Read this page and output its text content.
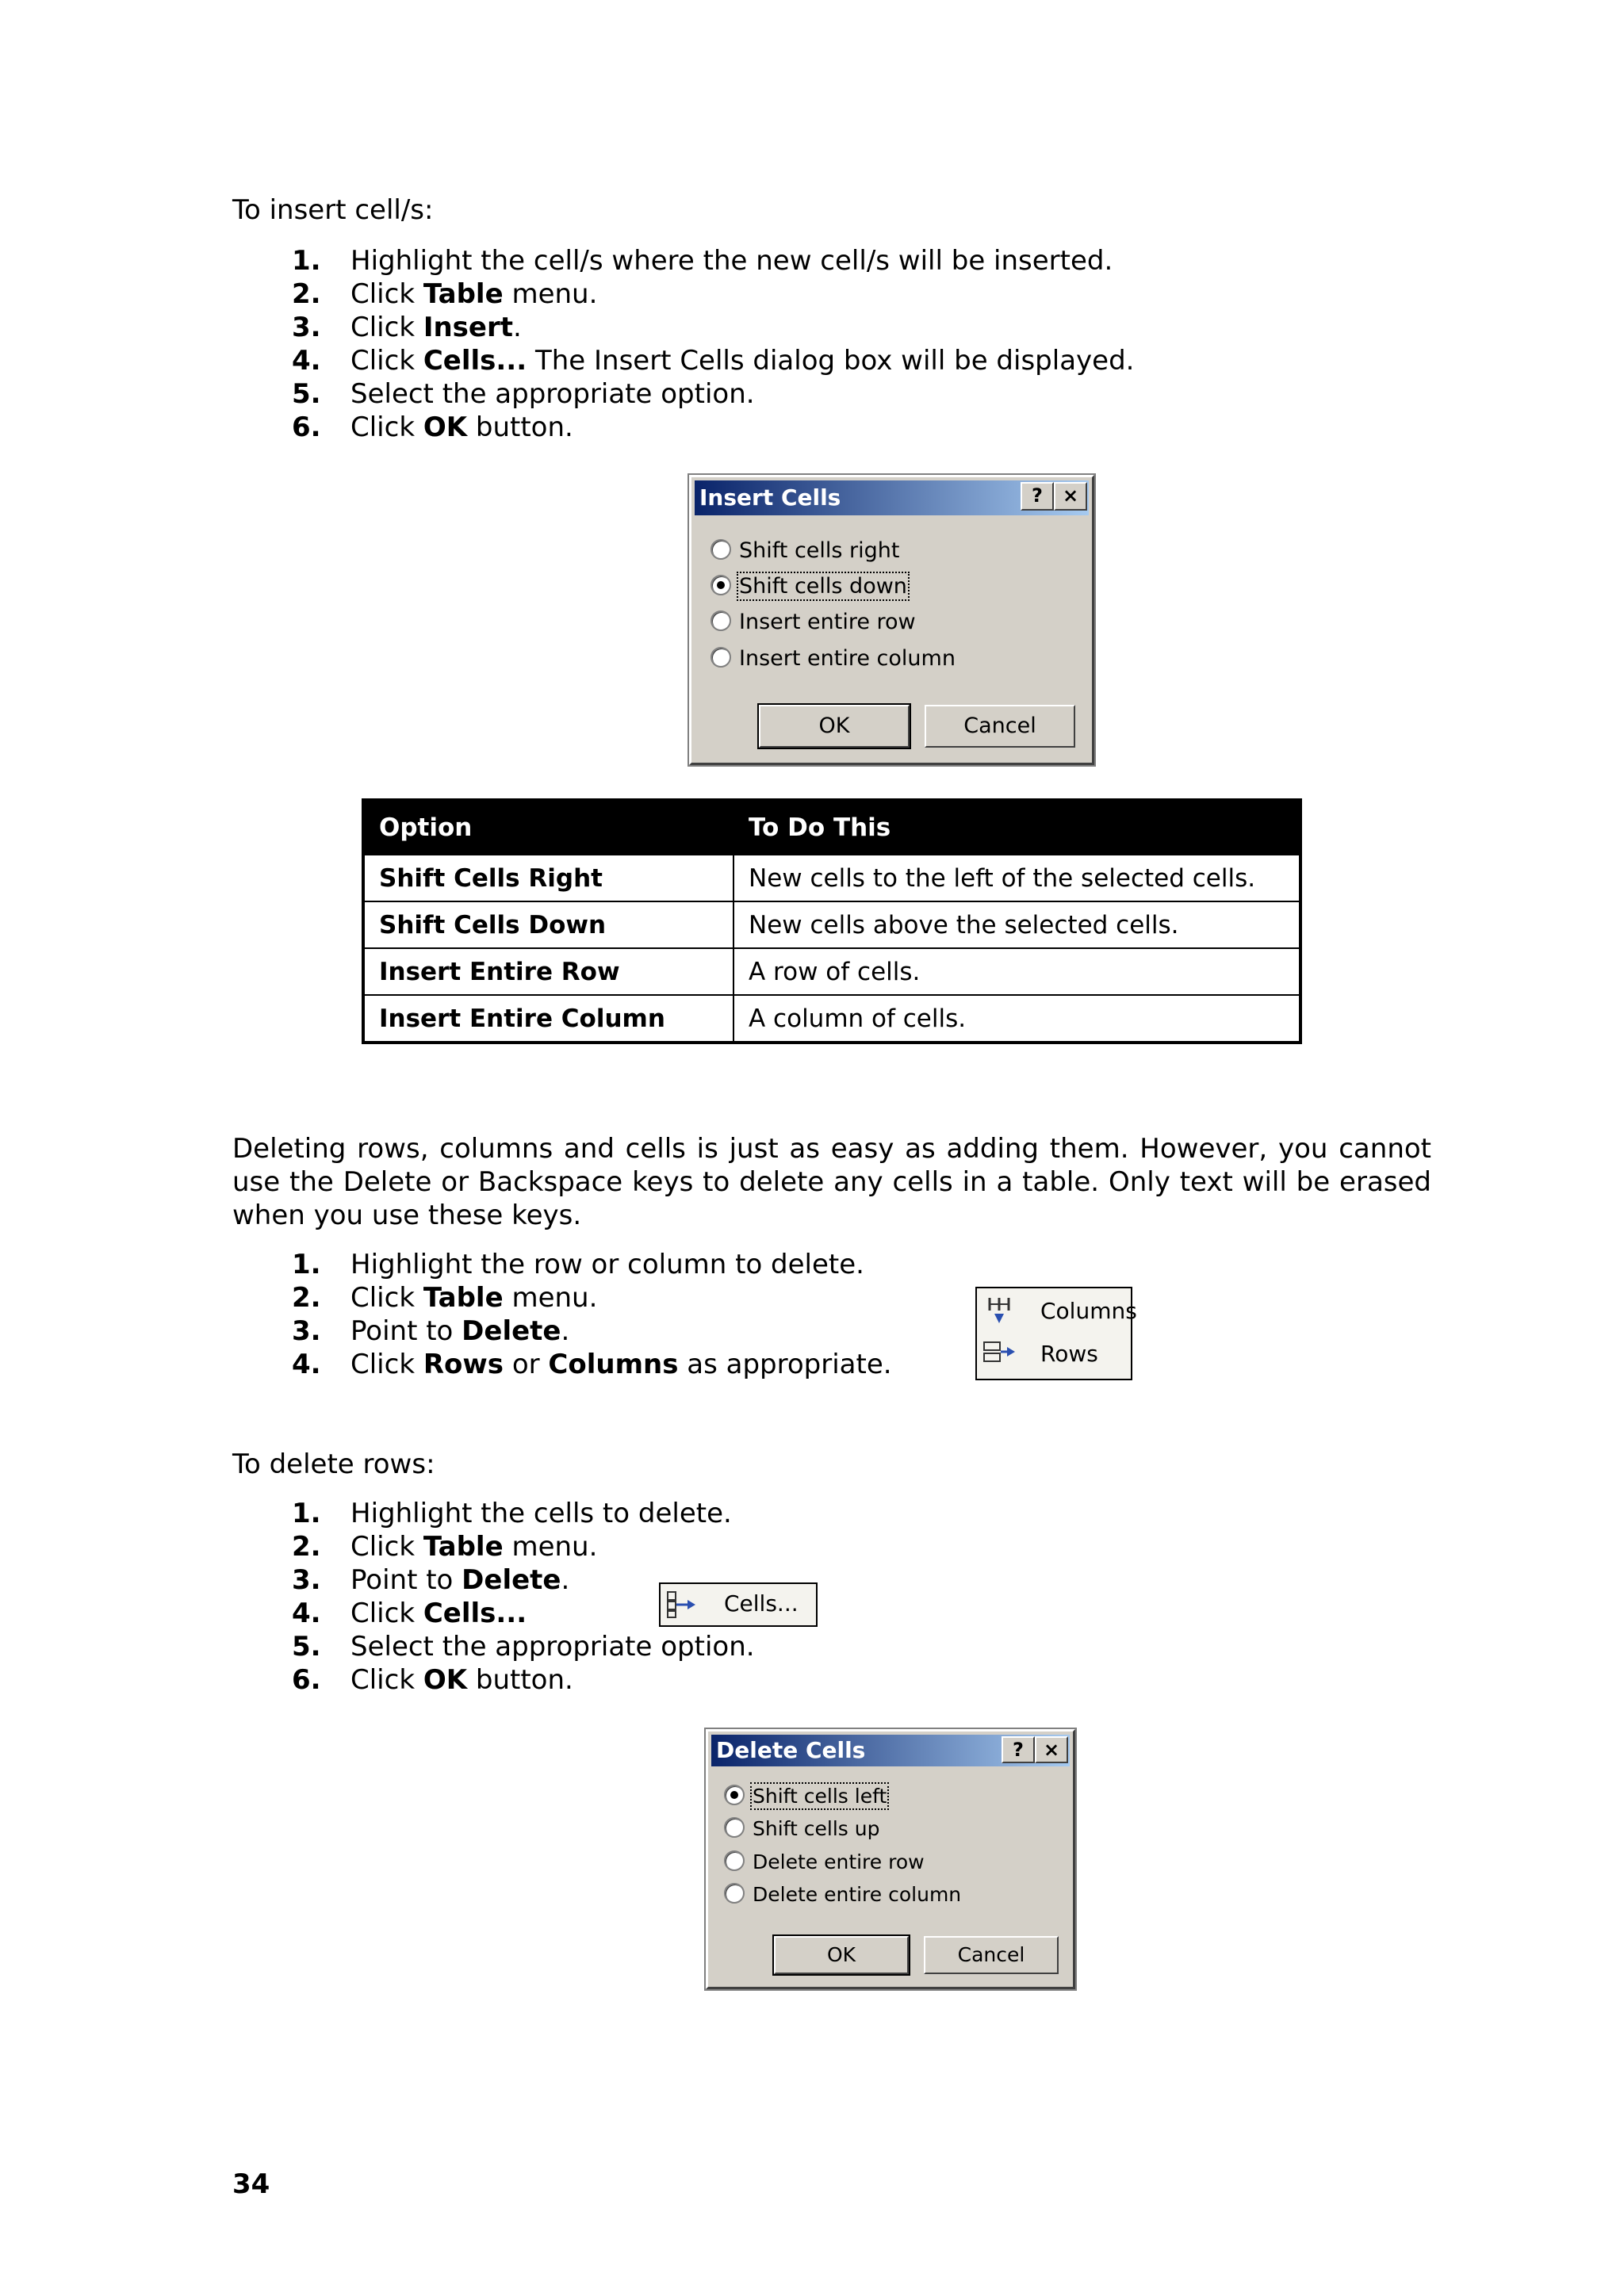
To insert cell/s:

1. Highlight the cell/s where the new cell/s will be inserted.
2. Click Table menu.
3. Click Insert.
4. Click Cells... The Insert Cells dialog box will be displayed.
5. Select the appropriate option.
6. Click OK button.
Insert Cells	?	×
Shift cells right
Shift cells down
Insert entire row
Insert entire column
OK	Cancel
Option	To Do This
Shift Cells Right	New cells to the left of the selected cells.
Shift Cells Down	New cells above the selected cells.
Insert Entire Row	A row of cells.
Insert Entire Column	A column of cells.

Deleting rows, columns and cells is just as easy as adding them. However, you cannot use the Delete or Backspace keys to delete any cells in a table. Only text will be erased when you use these keys.

1. Highlight the row or column to delete.
2. Click Table menu.
3. Point to Delete.
4. Click Rows or Columns as appropriate.
Columns
Rows

To delete rows:

1. Highlight the cells to delete.
2. Click Table menu.
3. Point to Delete.
4. Click Cells...
5. Select the appropriate option.
6. Click OK button.
Cells...
Delete Cells	?	×
Shift cells left
Shift cells up
Delete entire row
Delete entire column
OK	Cancel
34
